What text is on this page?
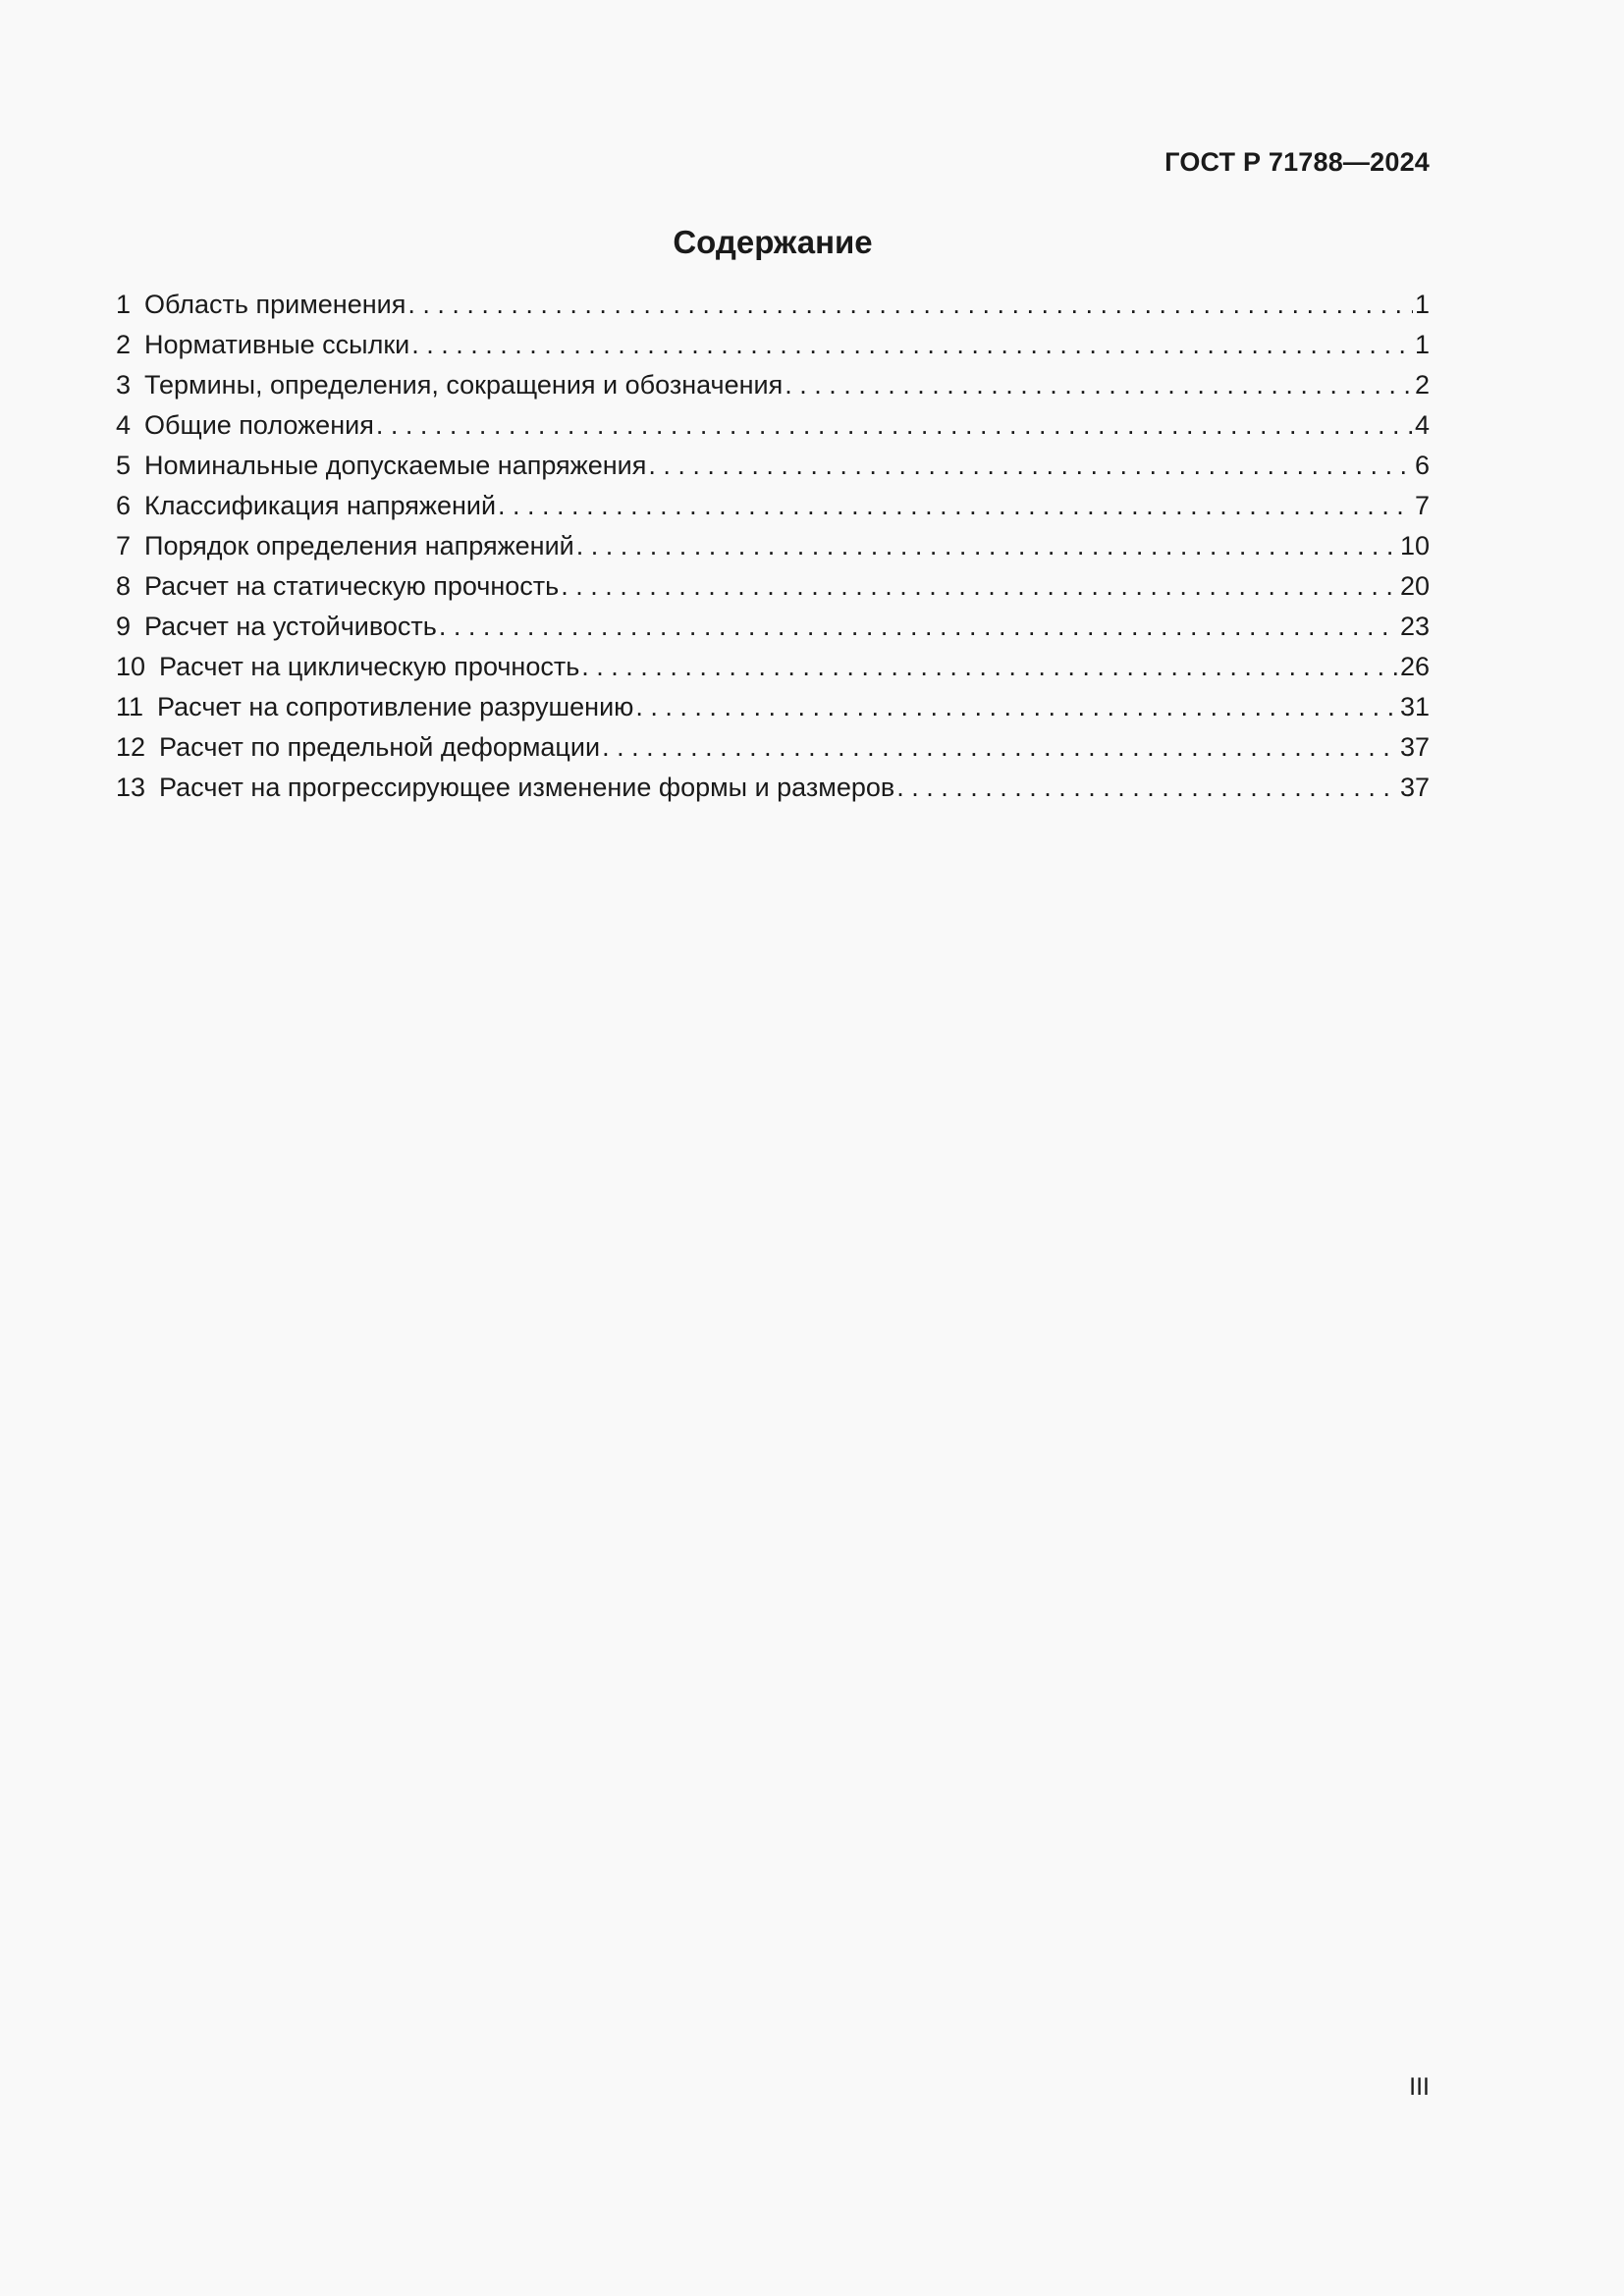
ГОСТ Р 71788—2024
Содержание
1 Область применения . . .	1
2 Нормативные ссылки . . .	1
3 Термины, определения, сокращения и обозначения . . .	2
4 Общие положения . . .	4
5 Номинальные допускаемые напряжения . . .	6
6 Классификация напряжений . . .	7
7 Порядок определения напряжений . . .	10
8 Расчет на статическую прочность . . .	20
9 Расчет на устойчивость . . .	23
10 Расчет на циклическую прочность . . .	26
11 Расчет на сопротивление разрушению . . .	31
12 Расчет по предельной деформации . . .	37
13 Расчет на прогрессирующее изменение формы и размеров . . .	37
III
